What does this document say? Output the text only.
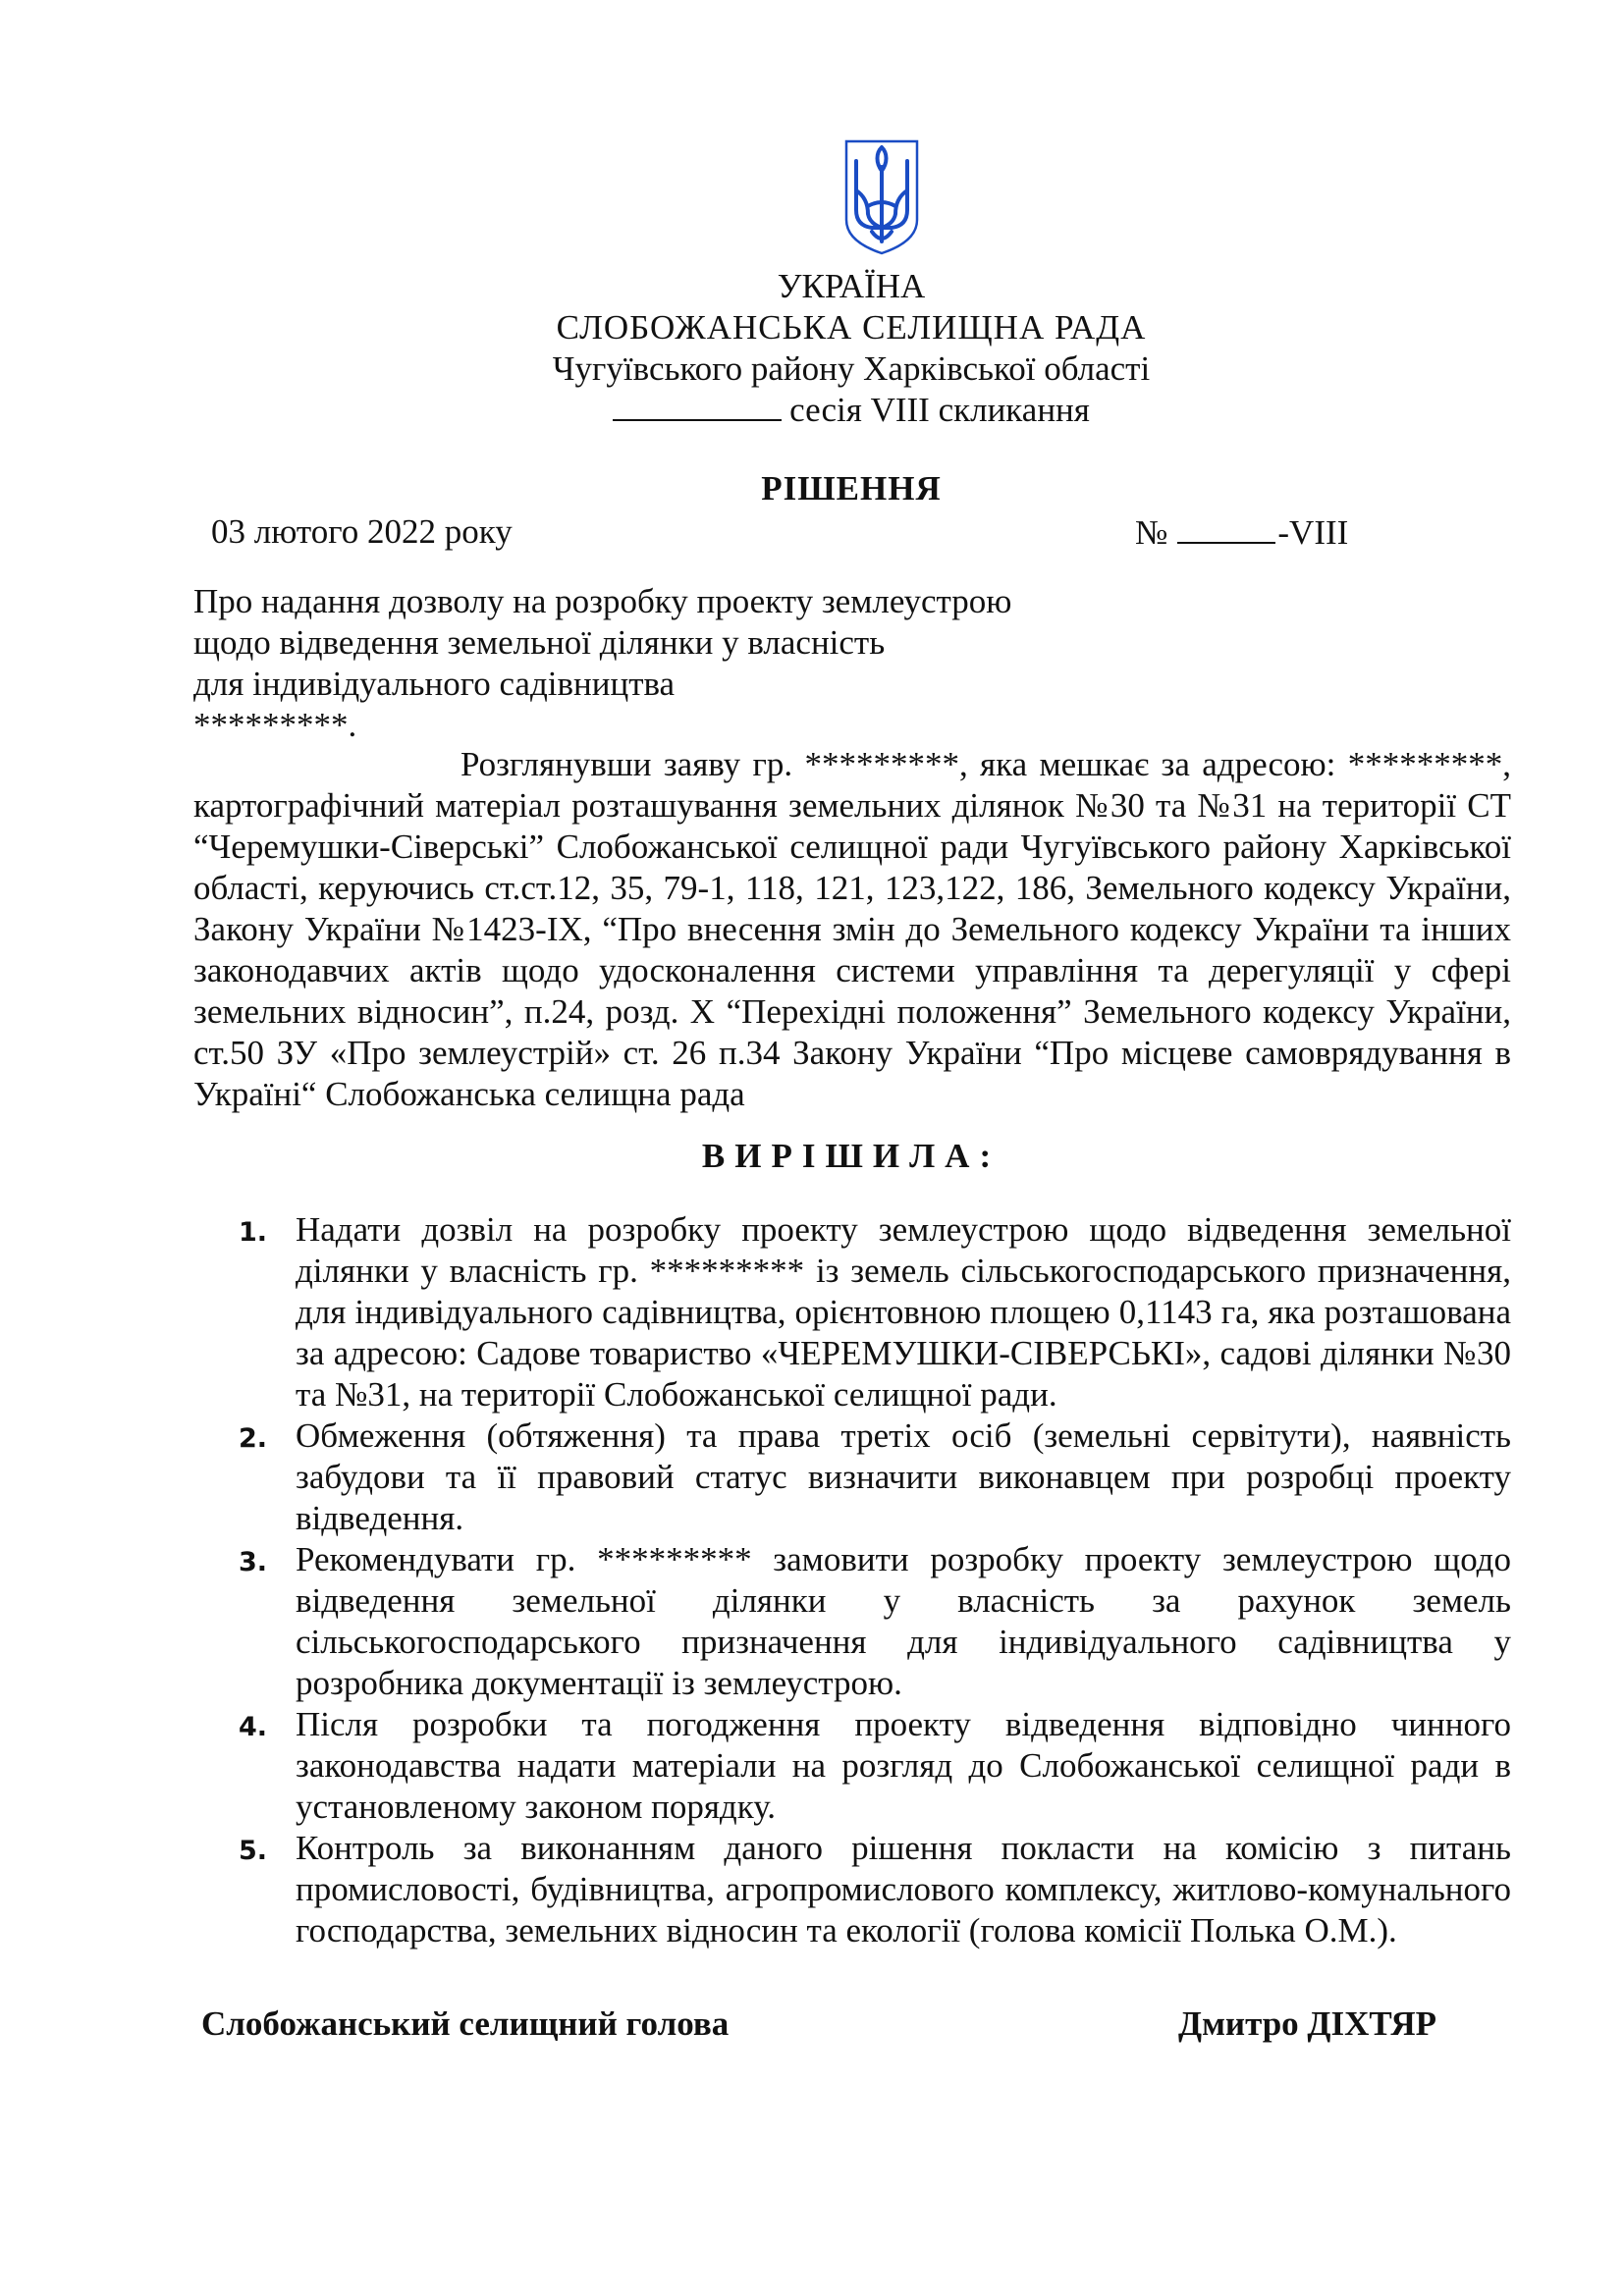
УКРАЇНА
СЛОБОЖАНСЬКА СЕЛИЩНА РАДА
Чугуївського району Харківської області
сесія VIII скликання
РІШЕННЯ
03 лютого 2022 року	№	-VIII
Про надання дозволу на розробку проекту землеустрою
щодо відведення земельної ділянки у власність
для індивідуального садівництва
*********.

Розглянувши заяву гр. *********, яка мешкає за адресою: *********, картографічний матеріал розташування земельних ділянок №30 та №31 на території СТ “Черемушки-Сіверські” Слобожанської селищної ради Чугуївського району Харківської області, керуючись ст.ст.12, 35, 79-1, 118, 121, 123,122, 186, Земельного кодексу України, Закону України №1423-IX, “Про внесення змін до Земельного кодексу України та інших законодавчих актів щодо удосконалення системи управління та дерегуляції у сфері земельних відносин”, п.24, розд. Х “Перехідні положення” Земельного кодексу України, ст.50 ЗУ «Про землеустрій» ст. 26 п.34 Закону України “Про місцеве самоврядування в Україні“ Слобожанська селищна рада

ВИРІШИЛА:
1. Надати дозвіл на розробку проекту землеустрою щодо відведення земельної ділянки у власність гр. ********* із земель сільськогосподарського призначення, для індивідуального садівництва, орієнтовною площею 0,1143 га, яка розташована за адресою: Садове товариство «ЧЕРЕМУШКИ-СІВЕРСЬКІ», садові ділянки №30 та №31, на території Слобожанської селищної ради.
2. Обмеження (обтяження) та права третіх осіб (земельні сервітути), наявність забудови та її правовий статус визначити виконавцем при розробці проекту відведення.
3. Рекомендувати гр. ********* замовити розробку проекту землеустрою щодо відведення земельної ділянки у власність за рахунок земель сільськогосподарського призначення для індивідуального садівництва у розробника документації із землеустрою.
4. Після розробки та погодження проекту відведення відповідно чинного законодавства надати матеріали на розгляд до Слобожанської селищної ради в установленому законом порядку.
5. Контроль за виконанням даного рішення покласти на комісію з питань промисловості, будівництва, агропромислового комплексу, житлово-комунального господарства, земельних відносин та екології (голова комісії Полька О.М.).
Слобожанський селищний голова	Дмитро ДІХТЯР
